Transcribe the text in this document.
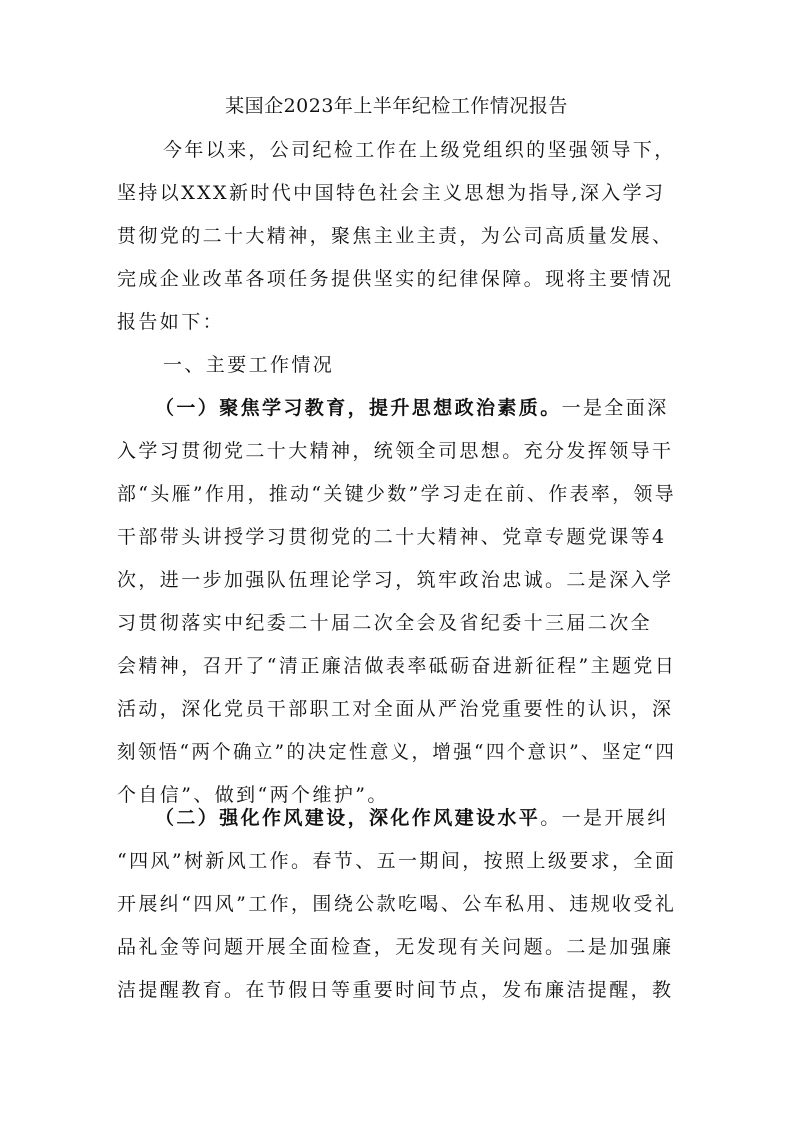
某国企2023年上半年纪检工作情况报告
今年以来，公司纪检工作在上级党组织的坚强领导下，
坚持以XXX新时代中国特色社会主义思想为指导,深入学习
贯彻党的二十大精神，聚焦主业主责，为公司高质量发展、
完成企业改革各项任务提供坚实的纪律保障。现将主要情况
报告如下：
一、主要工作情况
（一）聚焦学习教育，提升思想政治素质。一是全面深
入学习贯彻党二十大精神，统领全司思想。充分发挥领导干
部“头雁”作用，推动“关键少数”学习走在前、作表率，领导
干部带头讲授学习贯彻党的二十大精神、党章专题党课等4
次，进一步加强队伍理论学习，筑牢政治忠诚。二是深入学
习贯彻落实中纪委二十届二次全会及省纪委十三届二次全
会精神，召开了“清正廉洁做表率砥砺奋进新征程”主题党日
活动，深化党员干部职工对全面从严治党重要性的认识，深
刻领悟“两个确立”的决定性意义，增强“四个意识”、坚定“四
个自信”、做到“两个维护”。
（二）强化作风建设，深化作风建设水平。一是开展纠
“四风”树新风工作。春节、五一期间，按照上级要求，全面
开展纠“四风”工作，围绕公款吃喝、公车私用、违规收受礼
品礼金等问题开展全面检查，无发现有关问题。二是加强廉
洁提醒教育。在节假日等重要时间节点，发布廉洁提醒，教
